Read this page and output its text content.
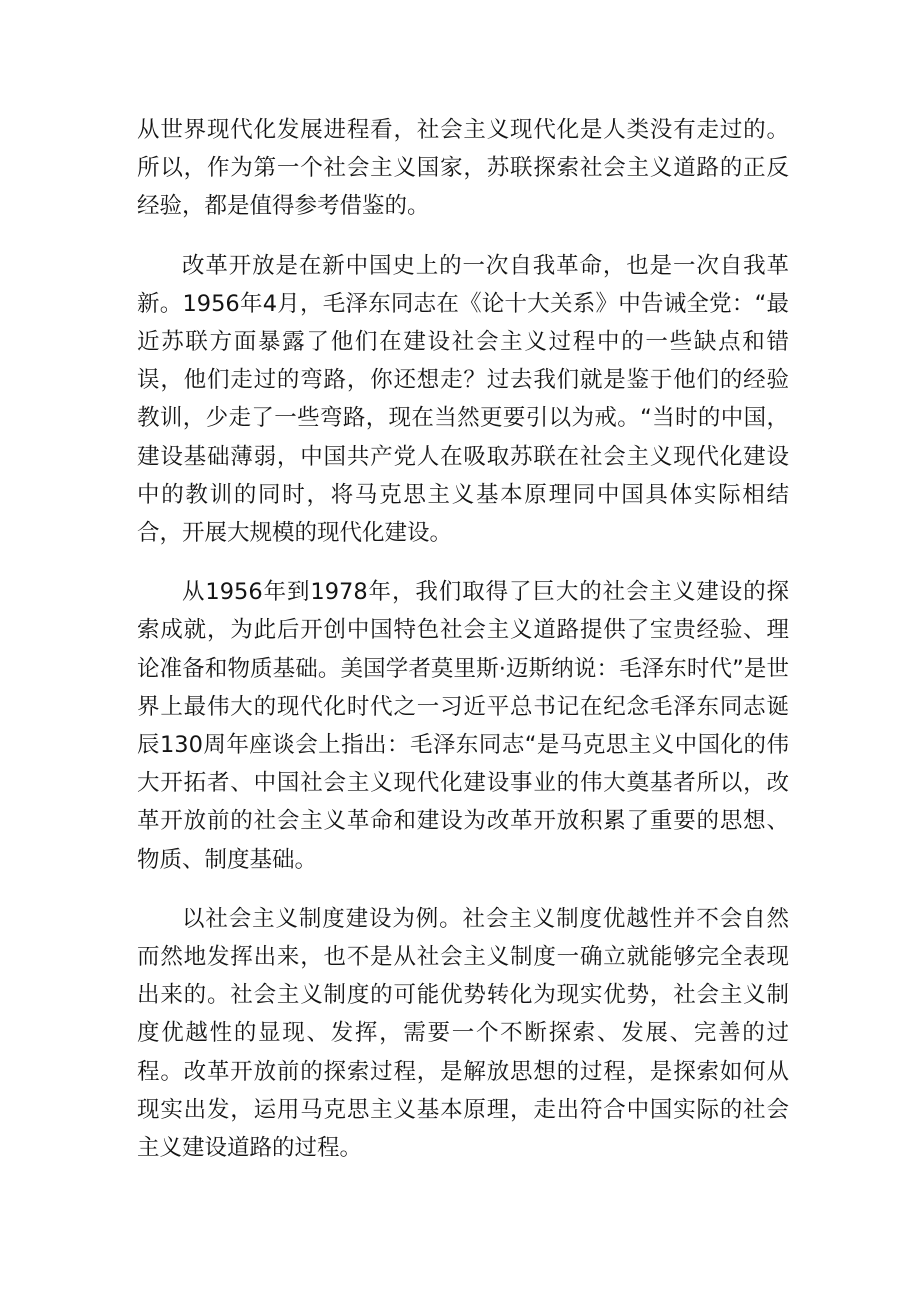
从世界现代化发展进程看，社会主义现代化是人类没有走过的。所以，作为第一个社会主义国家，苏联探索社会主义道路的正反经验，都是值得参考借鉴的。

改革开放是在新中国史上的一次自我革命，也是一次自我革新。1956年4月，毛泽东同志在《论十大关系》中告诫全党：“最近苏联方面暴露了他们在建设社会主义过程中的一些缺点和错误，他们走过的弯路，你还想走？过去我们就是鉴于他们的经验教训，少走了一些弯路，现在当然更要引以为戒。“当时的中国，建设基础薄弱，中国共产党人在吸取苏联在社会主义现代化建设中的教训的同时，将马克思主义基本原理同中国具体实际相结合，开展大规模的现代化建设。

从1956年到1978年，我们取得了巨大的社会主义建设的探索成就，为此后开创中国特色社会主义道路提供了宝贵经验、理论准备和物质基础。美国学者莫里斯·迈斯纳说：毛泽东时代”是世界上最伟大的现代化时代之一习近平总书记在纪念毛泽东同志诞辰130周年座谈会上指出：毛泽东同志“是马克思主义中国化的伟大开拓者、中国社会主义现代化建设事业的伟大奠基者所以，改革开放前的社会主义革命和建设为改革开放积累了重要的思想、物质、制度基础。

以社会主义制度建设为例。社会主义制度优越性并不会自然而然地发挥出来，也不是从社会主义制度一确立就能够完全表现出来的。社会主义制度的可能优势转化为现实优势，社会主义制度优越性的显现、发挥，需要一个不断探索、发展、完善的过程。改革开放前的探索过程，是解放思想的过程，是探索如何从现实出发，运用马克思主义基本原理，走出符合中国实际的社会主义建设道路的过程。
